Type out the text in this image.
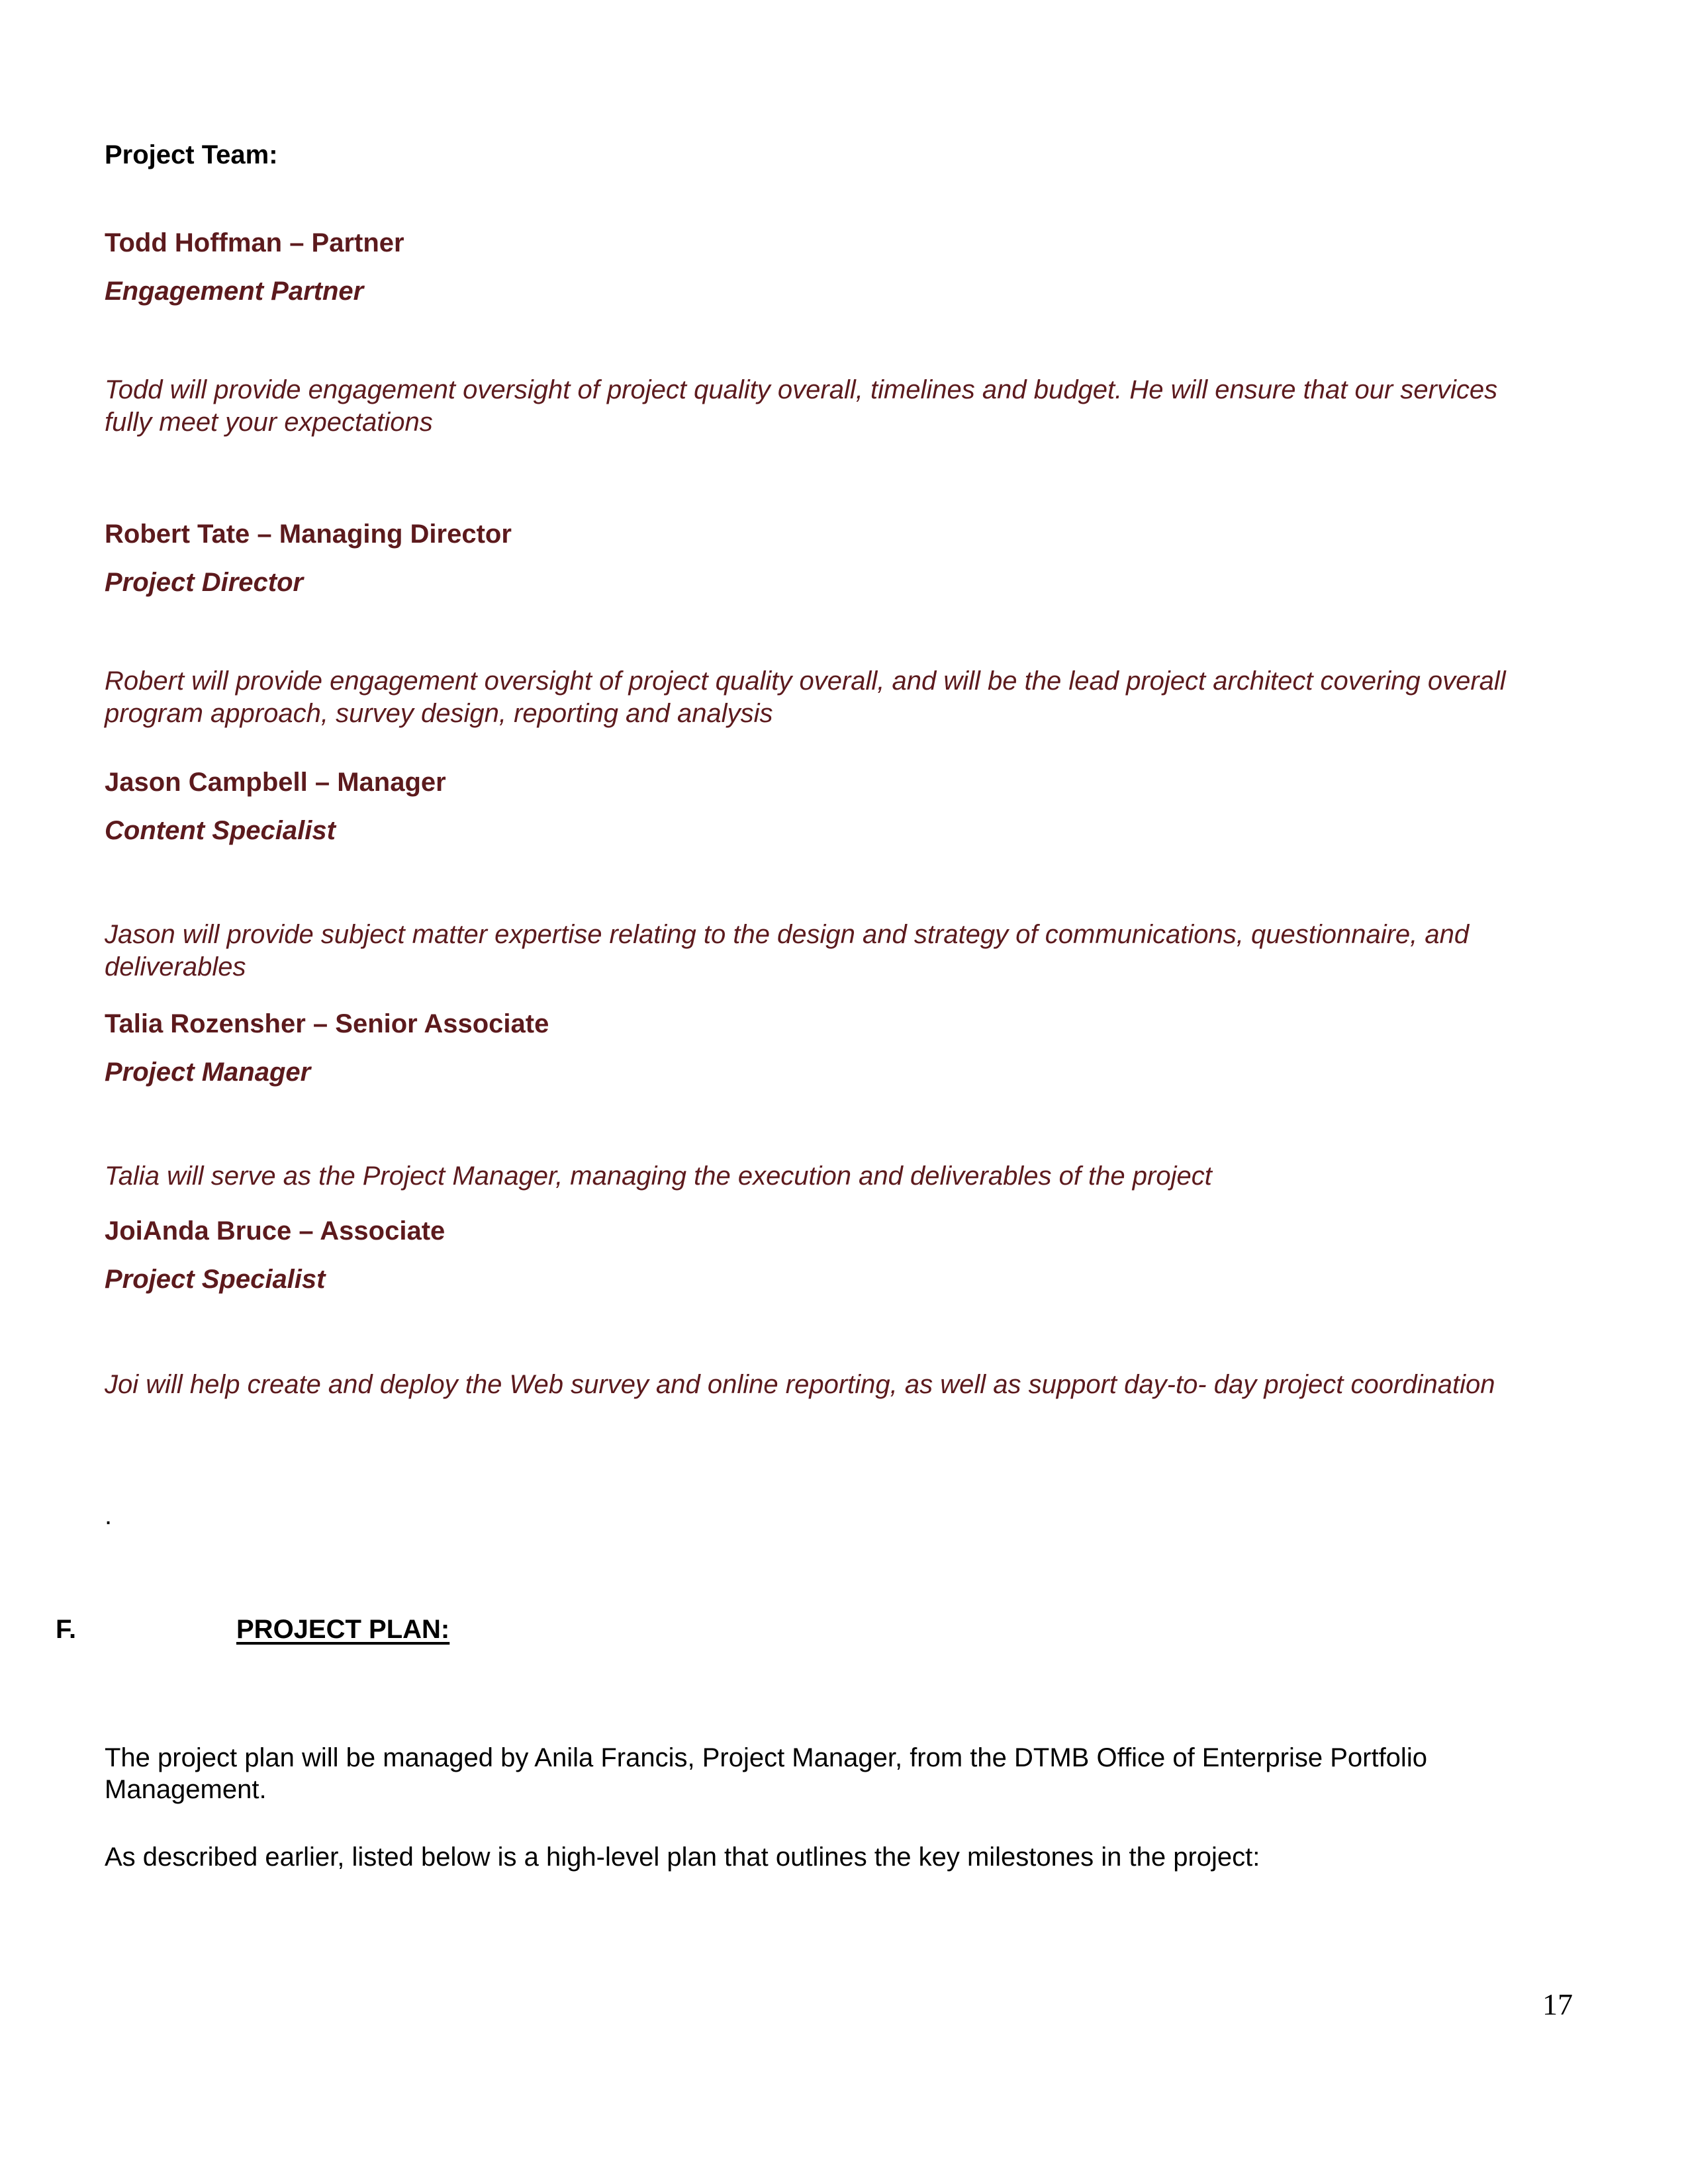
Project Team:
Todd Hoffman – Partner
Engagement Partner
Todd will provide engagement oversight of project quality overall, timelines and budget. He will ensure that our services fully meet your expectations
Robert Tate – Managing Director
Project Director
Robert will provide engagement oversight of project quality overall, and will be the lead project architect covering overall program approach, survey design, reporting and analysis
Jason Campbell – Manager
Content Specialist
Jason will provide subject matter expertise relating to the design and strategy of communications, questionnaire, and deliverables
Talia Rozensher – Senior Associate
Project Manager
Talia will serve as the Project Manager, managing the execution and deliverables of the project
JoiAnda Bruce – Associate
Project Specialist
Joi will help create and deploy the Web survey and online reporting, as well as support day-to- day project coordination
.
F.	PROJECT PLAN:
The project plan will be managed by Anila Francis, Project Manager, from the DTMB Office of Enterprise Portfolio Management.
As described earlier, listed below is a high-level plan that outlines the key milestones in the project:
17
